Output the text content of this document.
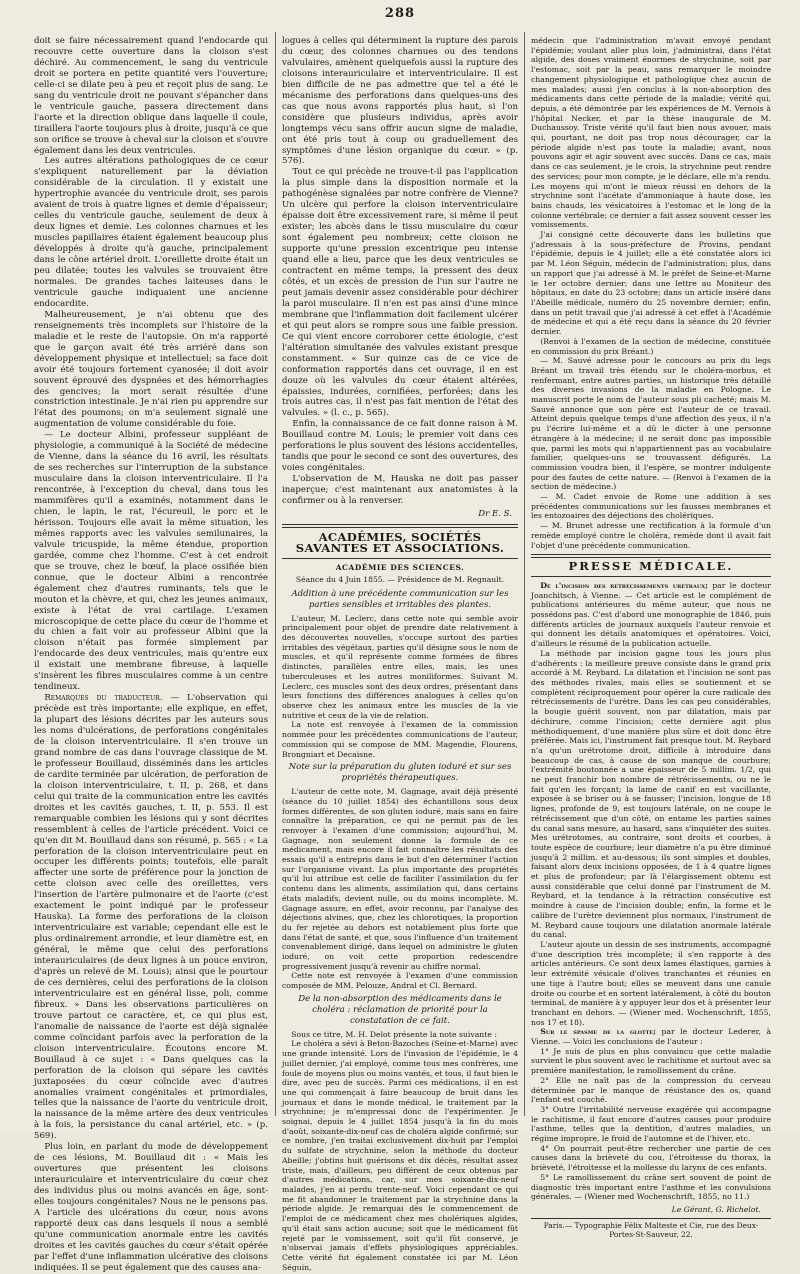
288

doit se faire nécessairement quand l'endocarde qui recouvre cette ouverture dans la cloison s'est déchiré. Au commencement, le sang du ventricule droit se portera en petite quantité vers l'ouverture; celle-ci se dilate peu à peu et reçoit plus de sang. Le sang du ventricule droit ne pouvant s'épancher dans le ventricule gauche, passera directement dans l'aorte et la direction oblique dans laquelle il coule, tiraillera l'aorte toujours plus à droite, jusqu'à ce que son orifice se trouve à cheval sur la cloison et s'ouvre également dans les deux ventricules.

Les autres altérations pathologiques de ce cœur s'expliquent naturellement par la déviation considérable de la circulation. Il y existait une hypertrophie avancée du ventricule droit, ses parois avaient de trois à quatre lignes et demie d'épaisseur; celles du ventricule gauche, seulement de deux à deux lignes et demie. Les colonnes charnues et les muscles papillaires étaient également beaucoup plus développés à droite qu'à gauche, principalement dans le cône artériel droit. L'oreillette droite était un peu dilatée; toutes les valvules se trouvaient être normales. De grandes taches laiteuses dans le ventricule gauche indiquaient une ancienne endocardite.

Malheureusement, je n'ai obtenu que des renseignements très incomplets sur l'histoire de la maladie et le reste de l'autopsie. On m'a rapporté que le garçon avait été très arriéré dans son développement physique et intellectuel; sa face doit avoir été toujours fortement cyanosée; il doit avoir souvent éprouvé des dyspnées et des hémorrhagies des gencives; la mort serait résultée d'une constriction intestinale. Je n'ai rien pu apprendre sur l'état des poumons; on m'a seulement signalé une augmentation de volume considérable du foie.

— Le docteur Albini, professeur suppléant de physiologie, a communiqué à la Société de médecine de Vienne, dans la séance du 16 avril, les résultats de ses recherches sur l'interruption de la substance musculaire dans la cloison interventriculaire. Il l'a rencontrée, à l'exception du cheval, dans tous les mammifères qu'il a examinés, notamment dans le chien, le lapin, le rat, l'écureuil, le porc et le hérisson. Toujours elle avait la même situation, les mêmes rapports avec les valvules semilunaires, la valvule tricuspide, la même étendue, proportion gardée, comme chez l'homme. C'est à cet endroit que se trouve, chez le bœuf, la place ossifiée bien connue, que le docteur Albini a rencontrée également chez d'autres ruminants, tels que le mouton et la chèvre, et qui, chez les jeunes animaux, existe à l'état de vrai cartilage. L'examen microscopique de cette place du cœur de l'homme et du chien a fait voir au professeur Albini que la cloison n'était pas formée simplement par l'endocarde des deux ventricules, mais qu'entre eux il existait une membrane fibreuse, à laquelle s'insèrent les fibres musculaires comme à un centre tendineux.

Remarques du traducteur. — L'observation qui précède est très importante; elle explique, en effet, la plupart des lésions décrites par les auteurs sous les noms d'ulcérations, de perforations congénitales de la cloison interventriculaire. Il s'en trouve un grand nombre de cas dans l'ouvrage classique de M. le professeur Bouillaud, disséminés dans les articles de cardite terminée par ulcération, de perforation de la cloison interventriculaire, t. II, p. 268, et dans celui qui traite de la communication entre les cavités droites et les cavités gauches, t. II, p. 553. Il est remarquable combien les lésions qui y sont décrites ressemblent à celles de l'article précédent. Voici ce qu'en dit M. Bouillaud dans son résumé, p. 565 : « La perforation de la cloison interventriculaire peut en occuper les différents points; toutefois, elle paraît affecter une sorte de préférence pour la jonction de cette cloison avec celle des oreillettes, vers l'insertion de l'artère pulmonaire et de l'aorte (c'est exactement le point indiqué par le professeur Hauska). La forme des perforations de la cloison interventriculaire est variable; cependant elle est le plus ordinairement arrondie, et leur diamètre est, en général, le même que celui des perforations interauriculaires (de deux lignes à un pouce environ, d'après un relevé de M. Louis); ainsi que le pourtour de ces dernières, celui des perforations de la cloison interventriculaire est en général lisse, poli, comme fibreux. » Dans les observations particulières on trouve partout ce caractère, et, ce qui plus est, l'anomalie de naissance de l'aorte est déjà signalée comme coïncidant parfois avec la perforation de la cloison interventriculaire. Écoutons encore M. Bouillaud à ce sujet : « Dans quelques cas la perforation de la cloison qui sépare les cavités juxtaposées du cœur coïncide avec d'autres anomalies vraiment congénitales et primordiales, telles que la naissance de l'aorte du ventricule droit, la naissance de la même artère des deux ventricules à la fois, la persistance du canal artériel, etc. » (p. 569).

Plus loin, en parlant du mode de développement de ces lésions, M. Bouillaud dit : « Mais les ouvertures que présentent les cloisons interauriculaire et interventriculaire du cœur chez des individus plus ou moins avancés en âge, sont-elles toujours congénitales? Nous ne le pensons pas. A l'article des ulcérations du cœur, nous avons rapporté deux cas dans lesquels il nous a semblé qu'une communication anormale entre les cavités droites et les cavités gauches du cœur s'était opérée par l'effet d'une inflammation ulcérative des cloisons indiquées. Il se peut également que des causes ana-

logues à celles qui déterminent la rupture des parois du cœur, des colonnes charnues ou des tendons valvulaires, amènent quelquefois aussi la rupture des cloisons interauriculaire et interventriculaire. Il est bien difficile de ne pas admettre que tel a été le mécanisme des perforations dans quelques-uns des cas que nous avons rapportés plus haut, si l'on considère que plusieurs individus, après avoir longtemps vécu sans offrir aucun signe de maladie, ont été pris tout à coup ou graduellement des symptômes d'une lésion organique du cœur. » (p. 576).

Tout ce qui précède ne trouve-t-il pas l'application la plus simple dans la disposition normale et la pathogénèse signalées par notre confrère de Vienne? Un ulcère qui perfore la cloison interventriculaire épaisse doit être excessivement rare, si même il peut exister; les abcès dans le tissu musculaire du cœur sont également peu nombreux; cette cloison ne supporte qu'une pression excentrique peu intense quand elle a lieu, parce que les deux ventricules se contractent en même temps, la pressent des deux côtés, et un excès de pression de l'un sur l'autre ne peut jamais devenir assez considérable pour déchirer la paroi musculaire. Il n'en est pas ainsi d'une mince membrane que l'inflammation doit facilement ulcérer et qui peut alors se rompre sous une faible pression. Ce qui vient encore corroborer cette étiologie, c'est l'altération simultanée des valvules existant presque constamment. « Sur quinze cas de ce vice de conformation rapportés dans cet ouvrage, il en est douze où les valvules du cœur étaient altérées, épaissies, indurées, cornifiées, perforées; dans les trois autres cas, il n'est pas fait mention de l'état des valvules. » (l. c., p. 565).

Enfin, la connaissance de ce fait donne raison à M. Bouillaud contre M. Louis; le premier voit dans ces perforations le plus souvent des lésions accidentelles, tandis que pour le second ce sont des ouvertures, des voies congénitales.

L'observation de M. Hauska ne doit pas passer inaperçue; c'est maintenant aux anatomistes à la confirmer ou à la renverser.

Dr E. S.
ACADÉMIES, SOCIÉTÉS SAVANTES ET ASSOCIATIONS.
ACADÉMIE DES SCIENCES.
Séance du 4 Juin 1855. — Présidence de M. Regnault.
Addition à une précédente communication sur les parties sensibles et irritables des plantes.

L'auteur, M. Leclerc, dans cette note qui semble avoir principalement pour objet de prendre date relativement à des découvertes nouvelles, s'occupe surtout des parties irritables des végétaux, parties qu'il désigne sous le nom de muscles, et qu'il représente comme formées de fibres distinctes, parallèles entre elles, mais, les unes tuberculeuses et les autres moniliformes. Suivant M. Leclerc, ces muscles sont des deux ordres, présentant dans leurs fonctions des différences analogues à celles qu'on observe chez les animaux entre les muscles de la vie nutritive et ceux de la vie de relation.

La note est renvoyée à l'examen de la commission nommée pour les précédentes communications de l'auteur, commission qui se compose de MM. Magendie, Flourens, Brongniart et Decaisne.

Note sur la préparation du gluten ioduré et sur ses propriétés thérapeutiques.

L'auteur de cette note, M. Gagnage, avait déjà présenté (séance du 10 juillet 1854) des échantillons sous deux formes différentes, de son gluten ioduré, mais sans en faire connaître la préparation, ce qui ne permit pas de les renvoyer à l'examen d'une commission; aujourd'hui, M. Gagnage, non seulement donne la formule de ce médicament, mais encore il fait connaître les résultats des essais qu'il a entrepris dans le but d'en déterminer l'action sur l'organisme vivant. La plus importante des propriétés qu'il lui attribue est celle de faciliter l'assimilation du fer contenu dans les aliments, assimilation qui, dans certains états maladifs, devient nulle, ou du moins incomplète. M. Gagnage assure, en effet, avoir reconnu, par l'analyse des déjections alvines, que, chez les chlorotiques, la proportion du fer rejetée au dehors est notablement plus forte que dans l'état de santé, et que, sous l'influence d'un traitement convenablement dirigé, dans lequel on administre le gluten ioduré, on voit cette proportion redescendre progressivement jusqu'à revenir au chiffre normal.

Cette note est renvoyée à l'examen d'une commission composée de MM. Pelouze, Andral et Cl. Bernard.

De la non-absorption des médicaments dans le choléra : réclamation de priorité pour la constatation de ce fait.

Sous ce titre, M. H. Delot présente la note suivante :

Le choléra a sévi à Beton-Bazoches (Seine-et-Marne) avec une grande intensité. Lors de l'invasion de l'épidémie, le 4 juillet dernier, j'ai employé, comme tous mes confrères, une foule de moyens plus ou moins vantés, et tous, il faut bien le dire, avec peu de succès. Parmi ces médications, il en est une qui commençait à faire beaucoup de bruit dans les journaux et dans le monde médical, le traitement par la strychnine; je m'empressai donc de l'expérimenter. Je soignai, depuis le 4 juillet 1854 jusqu'à la fin du mois d'août, soixante-dix-neuf cas de choléra algide confirmé; sur ce nombre, j'en traitai exclusivement dix-huit par l'emploi du sulfate de strychnine, selon la méthode du docteur Abeille; j'obtins huit guérisons et dix décès, résultat assez triste, mais, d'ailleurs, peu différent de ceux obtenus par d'autres médications, car, sur mes soixante-dix-neuf malades, j'en ai perdu trente-neuf. Voici cependant ce qui me fit abandonner le traitement par la strychnine dans la période algide. Je remarquai dès le commencement de l'emploi de ce médicament chez mes cholériques algides, qu'il était sans action aucune; soit que le médicament fût rejeté par le vomissement, soit qu'il fût conservé, je n'observai jamais d'effets physiologiques appréciables. Cette vérité fut également constatée ici par M. Léon Séguin,

médecin que l'administration m'avait envoyé pendant l'épidémie; voulant aller plus loin, j'administrai, dans l'état algide, des doses vraiment énormes de strychnine, soit par l'estomac, soit par la peau, sans remarquer le moindre changement physiologique et pathologique chez aucun de mes malades; aussi j'en conclus à la non-absorption des médicaments dans cette période de la maladie; vérité qui, depuis, a été démontrée par les expériences de M. Vernois à l'hôpital Necker, et par la thèse inaugurale de M. Duchaussoy. Triste vérité qu'il faut bien nous avouer, mais qui, pourtant, ne doit pas trop nous décourager, car la période algide n'est pas toute la maladie; avant, nous pouvons agir et agir souvent avec succès. Dans ce cas, mais dans ce cas seulement, je le crois, la strychnine peut rendre des services; pour mon compte, je le déclare, elle m'a rendu. Les moyens qui m'ont le mieux réussi en dehors de la strychnine sont l'acétate d'ammoniaque à haute dose, les bains chauds, les vésicatoires à l'estomac et le long de la colonne vertébrale; ce dernier a fait assez souvent cesser les vomissements.

J'ai consigné cette découverte dans les bulletins que j'adressais à la sous-préfecture de Provins, pendant l'épidémie, depuis le 4 juillet; elle a été constatée alors ici par M. Léon Séguin, médecin de l'administration; plus, dans un rapport que j'ai adressé à M. le préfet de Seine-et-Marne le 1er octobre dernier; dans une lettre au Moniteur des hôpitaux, en date du 23 octobre; dans un article inséré dans l'Abeille médicale, numéro du 25 novembre dernier; enfin, dans un petit travail que j'ai adressé à cet effet à l'Académie de médecine et qui a été reçu dans la séance du 20 février dernier.

(Renvoi à l'examen de la section de médecine, constituée en commission du prix Bréant.)

— M. Sauvé adresse pour le concours au prix du legs Bréant un travail très étendu sur le choléra-morbus, et renfermant, entre autres parties, un historique très détaillé des diverses invasions de la maladie en Pologne. Le manuscrit porte le nom de l'auteur sous pli cacheté; mais M. Sauvé annonce que son père est l'auteur de ce travail. Atteint depuis quelque temps d'une affection des yeux, il n'a pu l'écrire lui-même et a dû le dicter à une personne étrangère à la médecine; il ne serait donc pas impossible que, parmi les mots qui n'appartiennent pas au vocabulaire familier, quelques-uns se trouvassent défigurés. La commission voudra bien, il l'espère, se montrer indulgente pour des fautes de cette nature. — (Renvoi à l'examen de la section de médecine.)

— M. Cadet envoie de Rome une addition à ses précédentes communications sur les fausses membranes et les entozoaires des déjections des cholériques.

— M. Brunet adresse une rectification à la formule d'un remède employé contre le choléra, remède dont il avait fait l'objet d'une précédente communication.

PRESSE MÉDICALE.

De l'incision des rétrécissements urétraux; par le docteur Joanchitsch, à Vienne. — Cet article est le complément de publications antérieures du même auteur, que nous ne possédons pas. C'est d'abord une monographie de 1846, puis différents articles de journaux auxquels l'auteur renvoie et qui donnent les détails anatomiques et opératoires. Voici, d'ailleurs le résumé de la publication actuelle.

La méthode par incision gagne tous les jours plus d'adhérents : la meilleure preuve consiste dans le grand prix accordé à M. Reybard. La dilatation et l'incision ne sont pas des méthodes rivales, mais elles se soutiennent et se complètent réciproquement pour opérer la cure radicale des rétrécissements de l'urètre. Dans les cas peu considérables, la bougie guérit souvent, non par dilatation, mais par déchirure, comme l'incision; cette dernière agit plus méthodiquement, d'une manière plus sûre et doit donc être préférée. Mais ici, l'instrument fait presque tout. M. Reybard n'a qu'un urétrotome droit, difficile à introduire dans beaucoup de cas, à cause de son manque de courbure; l'extrémité boutonnée a une épaisseur de 5 millim. 1/2, qui ne peut franchir bon nombre de rétrécissements, ou ne le fait qu'en les forçant; la lame de canif en est vacillante, exposée à se briser ou à se fausser; l'incision, longue de 18 lignes, profonde de 9, est toujours latérale, on ne coupe le rétrécissement que d'un côté, on entame les parties saines du canal sans mesure, au hasard, sans s'inquiéter des suites. Mes urétrotomes, au contraire, sont droits et courbes, à toute espèce de courbure; leur diamètre n'a pu être diminué jusqu'à 2 millim. et au-dessous; ils sont simples et doubles, faisant alors deux incisions opposées, de 1 à 4 quatre lignes et plus de profondeur; par là l'élargissement obtenu est aussi considérable que celui donné par l'instrument de M. Reybard, et la tendance à la rétraction consécutive est moindre à cause de l'incision double; enfin, la forme et le calibre de l'urètre deviennent plus normaux, l'instrument de M. Reybard cause toujours une dilatation anormale latérale du canal.

L'auteur ajoute un dessin de ses instruments, accompagné d'une description très incomplète; il s'en rapporte à des articles antérieurs. Ce sont deux lames élastiques, garnies à leur extrémité vésicale d'olives tranchantes et réunies en une tige à l'autre bout; elles se meuvent dans une canule droite ou courbe et en sortent latéralement, à côté du bouton terminal, de manière à y appuyer leur dos et à présenter leur tranchant en dehors. — (Wiener med. Wochenschrift, 1855, nos 17 et 18).

Sur le spasme de la glotte; par le docteur Lederer, à Vienne. — Voici les conclusions de l'auteur :

1° Je suis de plus en plus convaincu que cette maladie survient le plus souvent avec le rachitisme et surtout avec sa première manifestation, le ramollissement du crâne.

2° Elle ne naît pas de la compression du cerveau déterminée par le manque de résistance des os, quand l'enfant est couché.

3° Outre l'irritabilité nerveuse exagérée qui accompagne le rachitisme, il faut encore d'autres causes pour produire l'asthme, telles que la dentition, d'autres maladies, un régime impropre, le froid de l'automne et de l'hiver, etc.

4° On pourrait peut-être rechercher une partie de ces causes dans la brièveté du cou, l'étroitesse du thorax, la brièveté, l'étroitesse et la mollesse du larynx de ces enfants.

5° Le ramollissement du crâne sert souvent de point de diagnostic très important entre l'asthme et les convulsions générales. — (Wiener med Wochenschrift, 1855, no 11.)

Le Gérant, G. Richelot.
Paris.— Typographie Félix Malteste et Cie, rue des Deux-Portes-St-Sauveur, 22.
